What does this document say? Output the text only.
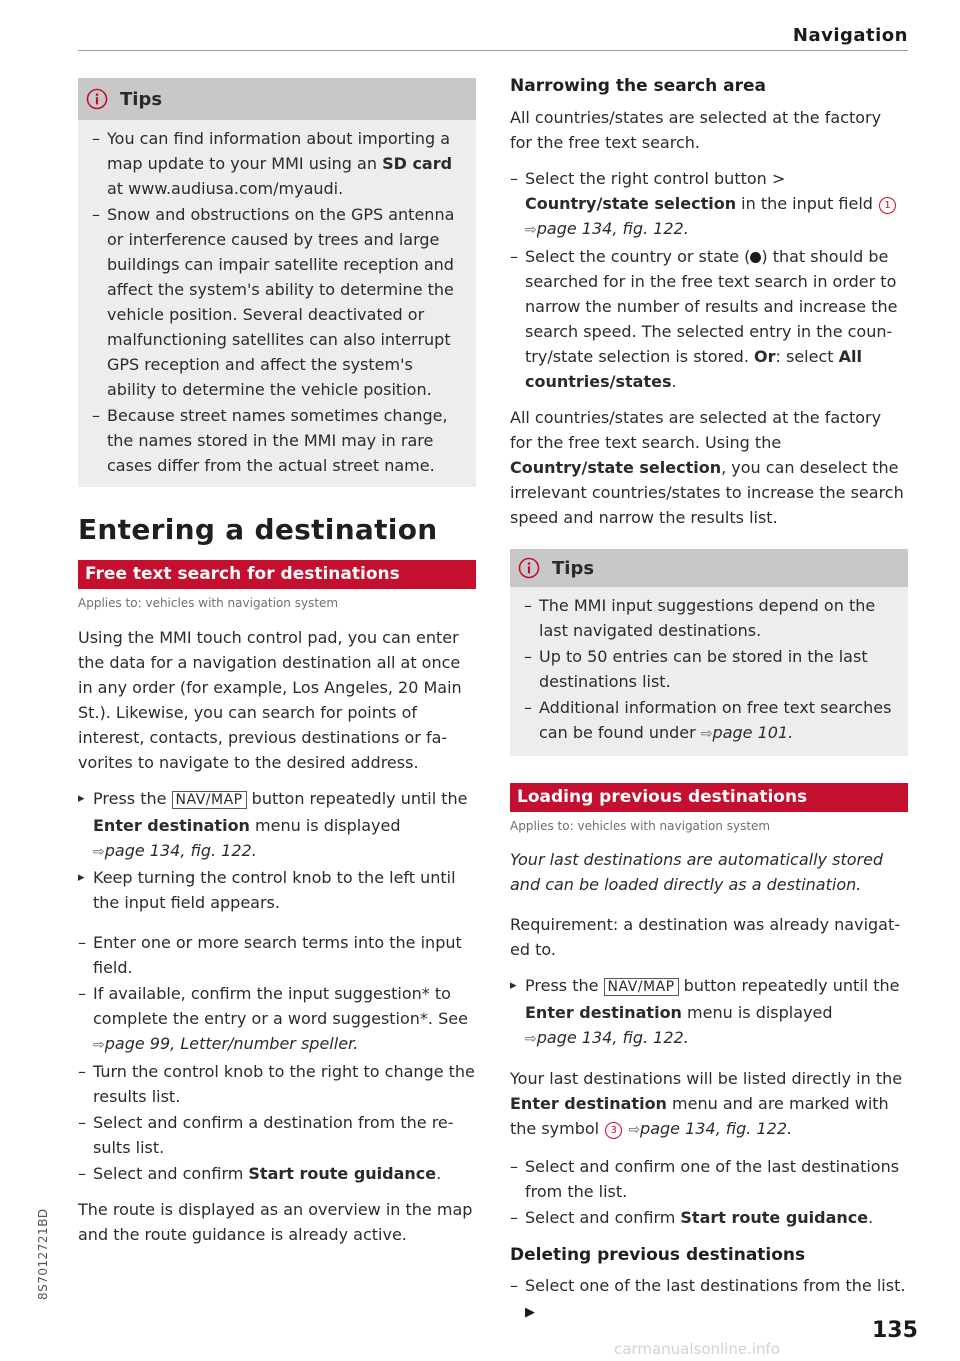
Navigation
Tips
– You can find information about importing a map update to your MMI using an SD card at www.audiusa.com/myaudi.
– Snow and obstructions on the GPS antenna or interference caused by trees and large buildings can impair satellite reception and affect the system's ability to determine the vehicle position. Several deactivated or malfunctioning satellites can also interrupt GPS reception and affect the system's ability to determine the vehicle position.
– Because street names sometimes change, the names stored in the MMI may in rare cases differ from the actual street name.
Entering a destination
Free text search for destinations
Applies to: vehicles with navigation system

Using the MMI touch control pad, you can enter the data for a navigation destination all at once in any order (for example, Los Angeles, 20 Main St.). Likewise, you can search for points of interest, contacts, previous destinations or favorites to navigate to the desired address.

▸ Press the NAV/MAP button repeatedly until the Enter destination menu is displayed
⇨page 134, fig. 122.
▸ Keep turning the control knob to the left until the input field appears.
– Enter one or more search terms into the input field.
– If available, confirm the input suggestion* to complete the entry or a word suggestion*. See ⇨page 99, Letter/number speller.
– Turn the control knob to the right to change the results list.
– Select and confirm a destination from the results list.
– Select and confirm Start route guidance.

The route is displayed as an overview in the map and the route guidance is already active.

Narrowing the search area

All countries/states are selected at the factory for the free text search.

– Select the right control button > Country/state selection in the input field 1 ⇨page 134, fig. 122.
– Select the country or state ( ) that should be searched for in the free text search in order to narrow the number of results and increase the search speed. The selected entry in the country/state selection is stored. Or: select All countries/states.

All countries/states are selected at the factory for the free text search. Using the Country/state selection, you can deselect the irrelevant countries/states to increase the search speed and narrow the results list.

Tips
– The MMI input suggestions depend on the last navigated destinations.
– Up to 50 entries can be stored in the last destinations list.
– Additional information on free text searches can be found under ⇨page 101.
Loading previous destinations
Applies to: vehicles with navigation system

Your last destinations are automatically stored and can be loaded directly as a destination.

Requirement: a destination was already navigated to.

▸ Press the NAV/MAP button repeatedly until the Enter destination menu is displayed
⇨page 134, fig. 122.

Your last destinations will be listed directly in the Enter destination menu and are marked with the symbol 3 ⇨page 134, fig. 122.

– Select and confirm one of the last destinations from the list.
– Select and confirm Start route guidance.
Deleting previous destinations
– Select one of the last destinations from the list. ▶
135
8S7012721BD
carmanualsonline.info
